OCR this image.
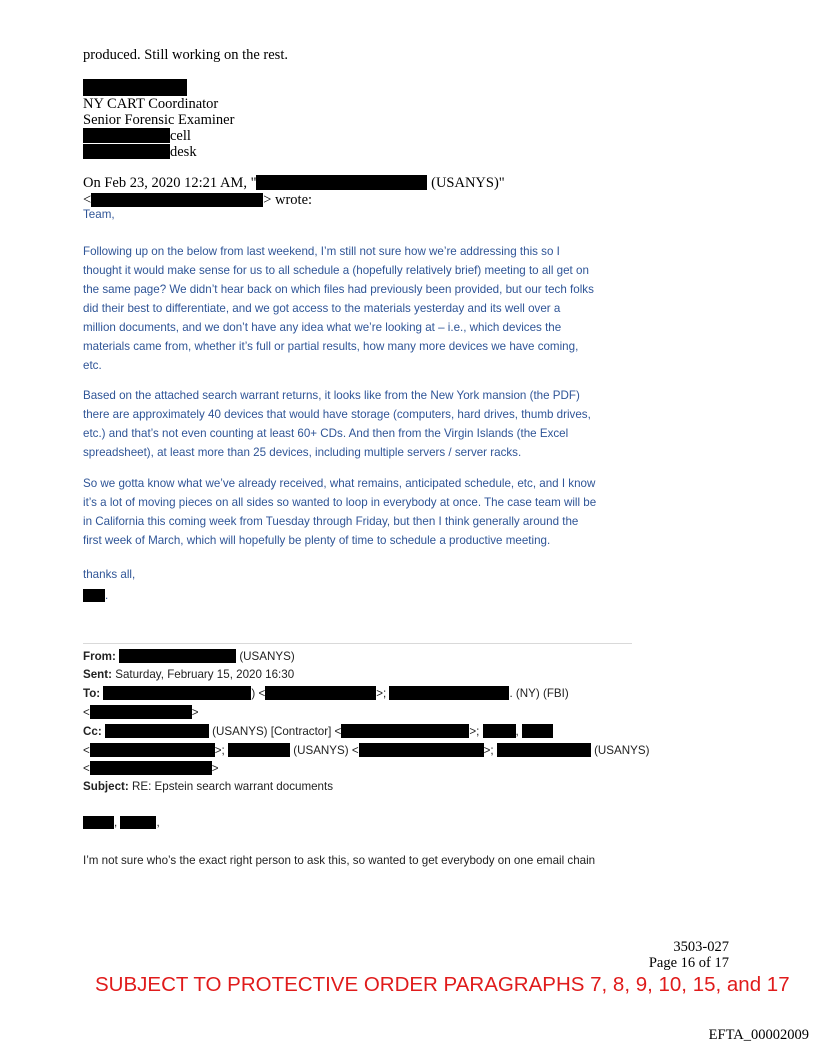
produced. Still working on the rest.
NY CART Coordinator
Senior Forensic Examiner
cell
desk
On Feb 23, 2020 12:21 AM, "	(USANYS)"
<	> wrote:
Team,
Following up on the below from last weekend, I’m still not sure how we’re addressing this so I
thought it would make sense for us to all schedule a (hopefully relatively brief) meeting to all get on
the same page? We didn’t hear back on which files had previously been provided, but our tech folks
did their best to differentiate, and we got access to the materials yesterday and its well over a
million documents, and we don’t have any idea what we’re looking at – i.e., which devices the
materials came from, whether it’s full or partial results, how many more devices we have coming,
etc.
Based on the attached search warrant returns, it looks like from the New York mansion (the PDF)
there are approximately 40 devices that would have storage (computers, hard drives, thumb drives,
etc.) and that’s not even counting at least 60+ CDs. And then from the Virgin Islands (the Excel
spreadsheet), at least more than 25 devices, including multiple servers / server racks.
So we gotta know what we’ve already received, what remains, anticipated schedule, etc, and I know
it’s a lot of moving pieces on all sides so wanted to loop in everybody at once. The case team will be
in California this coming week from Tuesday through Friday, but then I think generally around the
first week of March, which will hopefully be plenty of time to schedule a productive meeting.
thanks all,
.
From:	(USANYS)
Sent: Saturday, February 15, 2020 16:30
To:	) <	>;	. (NY) (FBI)
<	>
Cc:	(USANYS) [Contractor] <	>;	,
<	>;	(USANYS) <	>;	(USANYS)
<	>
Subject: RE: Epstein search warrant documents
,	,
I’m not sure who’s the exact right person to ask this, so wanted to get everybody on one email chain
3503-027
Page 16 of 17
SUBJECT TO PROTECTIVE ORDER PARAGRAPHS 7, 8, 9, 10, 15, and 17
EFTA_00002009
